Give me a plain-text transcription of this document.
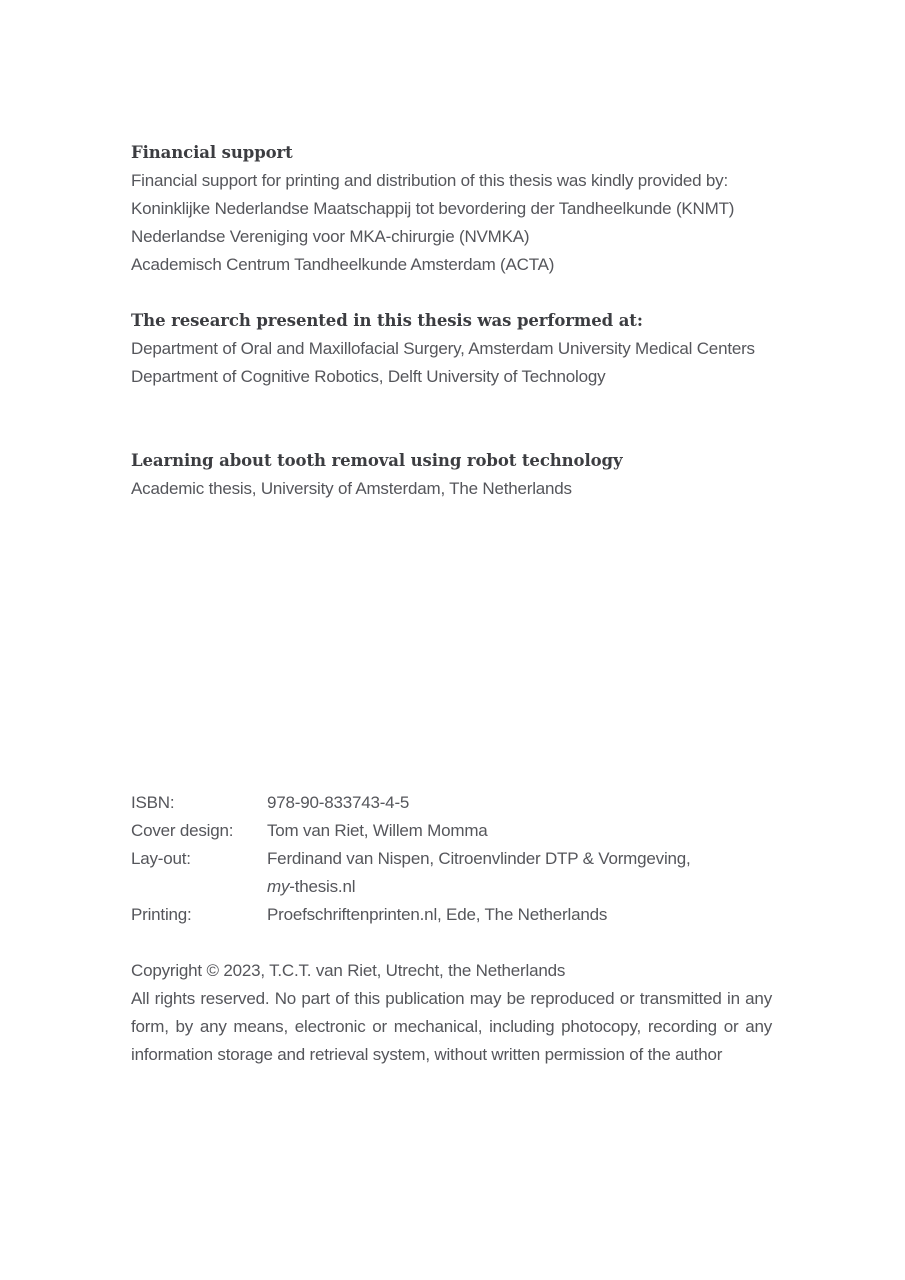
Financial support

Financial support for printing and distribution of this thesis was kindly provided by:

Koninklijke Nederlandse Maatschappij tot bevordering der Tandheelkunde (KNMT)

Nederlandse Vereniging voor MKA-chirurgie (NVMKA)

Academisch Centrum Tandheelkunde Amsterdam (ACTA)

The research presented in this thesis was performed at:

Department of Oral and Maxillofacial Surgery, Amsterdam University Medical Centers

Department of Cognitive Robotics, Delft University of Technology

Learning about tooth removal using robot technology

Academic thesis, University of Amsterdam, The Netherlands

ISBN:	978-90-833743-4-5
Cover design:	Tom van Riet, Willem Momma
Lay-out:	Ferdinand van Nispen, Citroenvlinder DTP & Vormgeving,
my-thesis.nl
Printing:	Proefschriftenprinten.nl, Ede, The Netherlands

Copyright © 2023, T.C.T. van Riet, Utrecht, the Netherlands

All rights reserved. No part of this publication may be reproduced or transmitted in any form, by any means, electronic or mechanical, including photocopy, recording or any information storage and retrieval system, without written permission of the author
